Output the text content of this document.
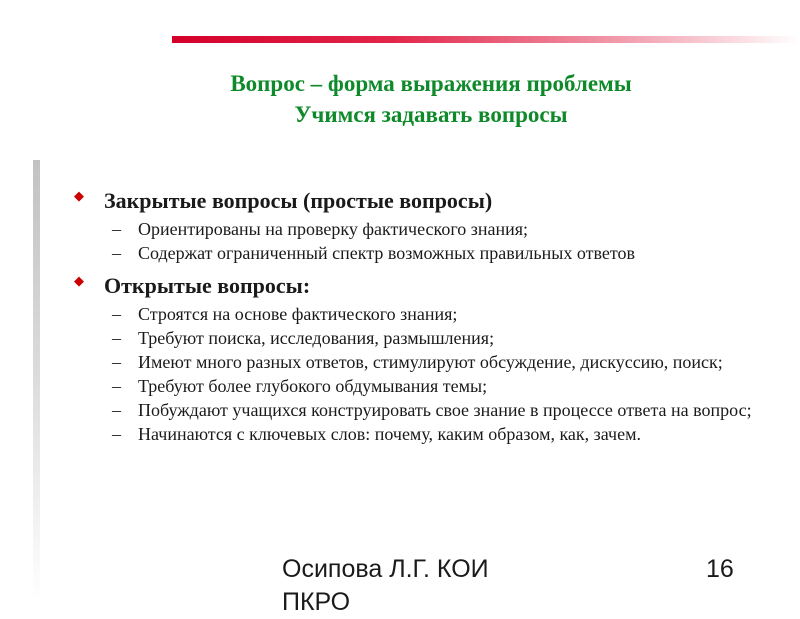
Вопрос – форма выражения проблемы
Учимся задавать вопросы
◆ Закрытые вопросы (простые вопросы)
– Ориентированы на проверку фактического знания;
– Содержат ограниченный спектр возможных правильных ответов
◆ Открытые вопросы:
– Строятся на основе фактического знания;
– Требуют поиска, исследования, размышления;
– Имеют много разных ответов, стимулируют обсуждение, дискуссию, поиск;
– Требуют более глубокого обдумывания темы;
– Побуждают учащихся конструировать свое знание в процессе ответа на вопрос;
– Начинаются с ключевых слов: почему, каким образом, как, зачем.
Осипова Л.Г. КОИ
ПКРО
16
